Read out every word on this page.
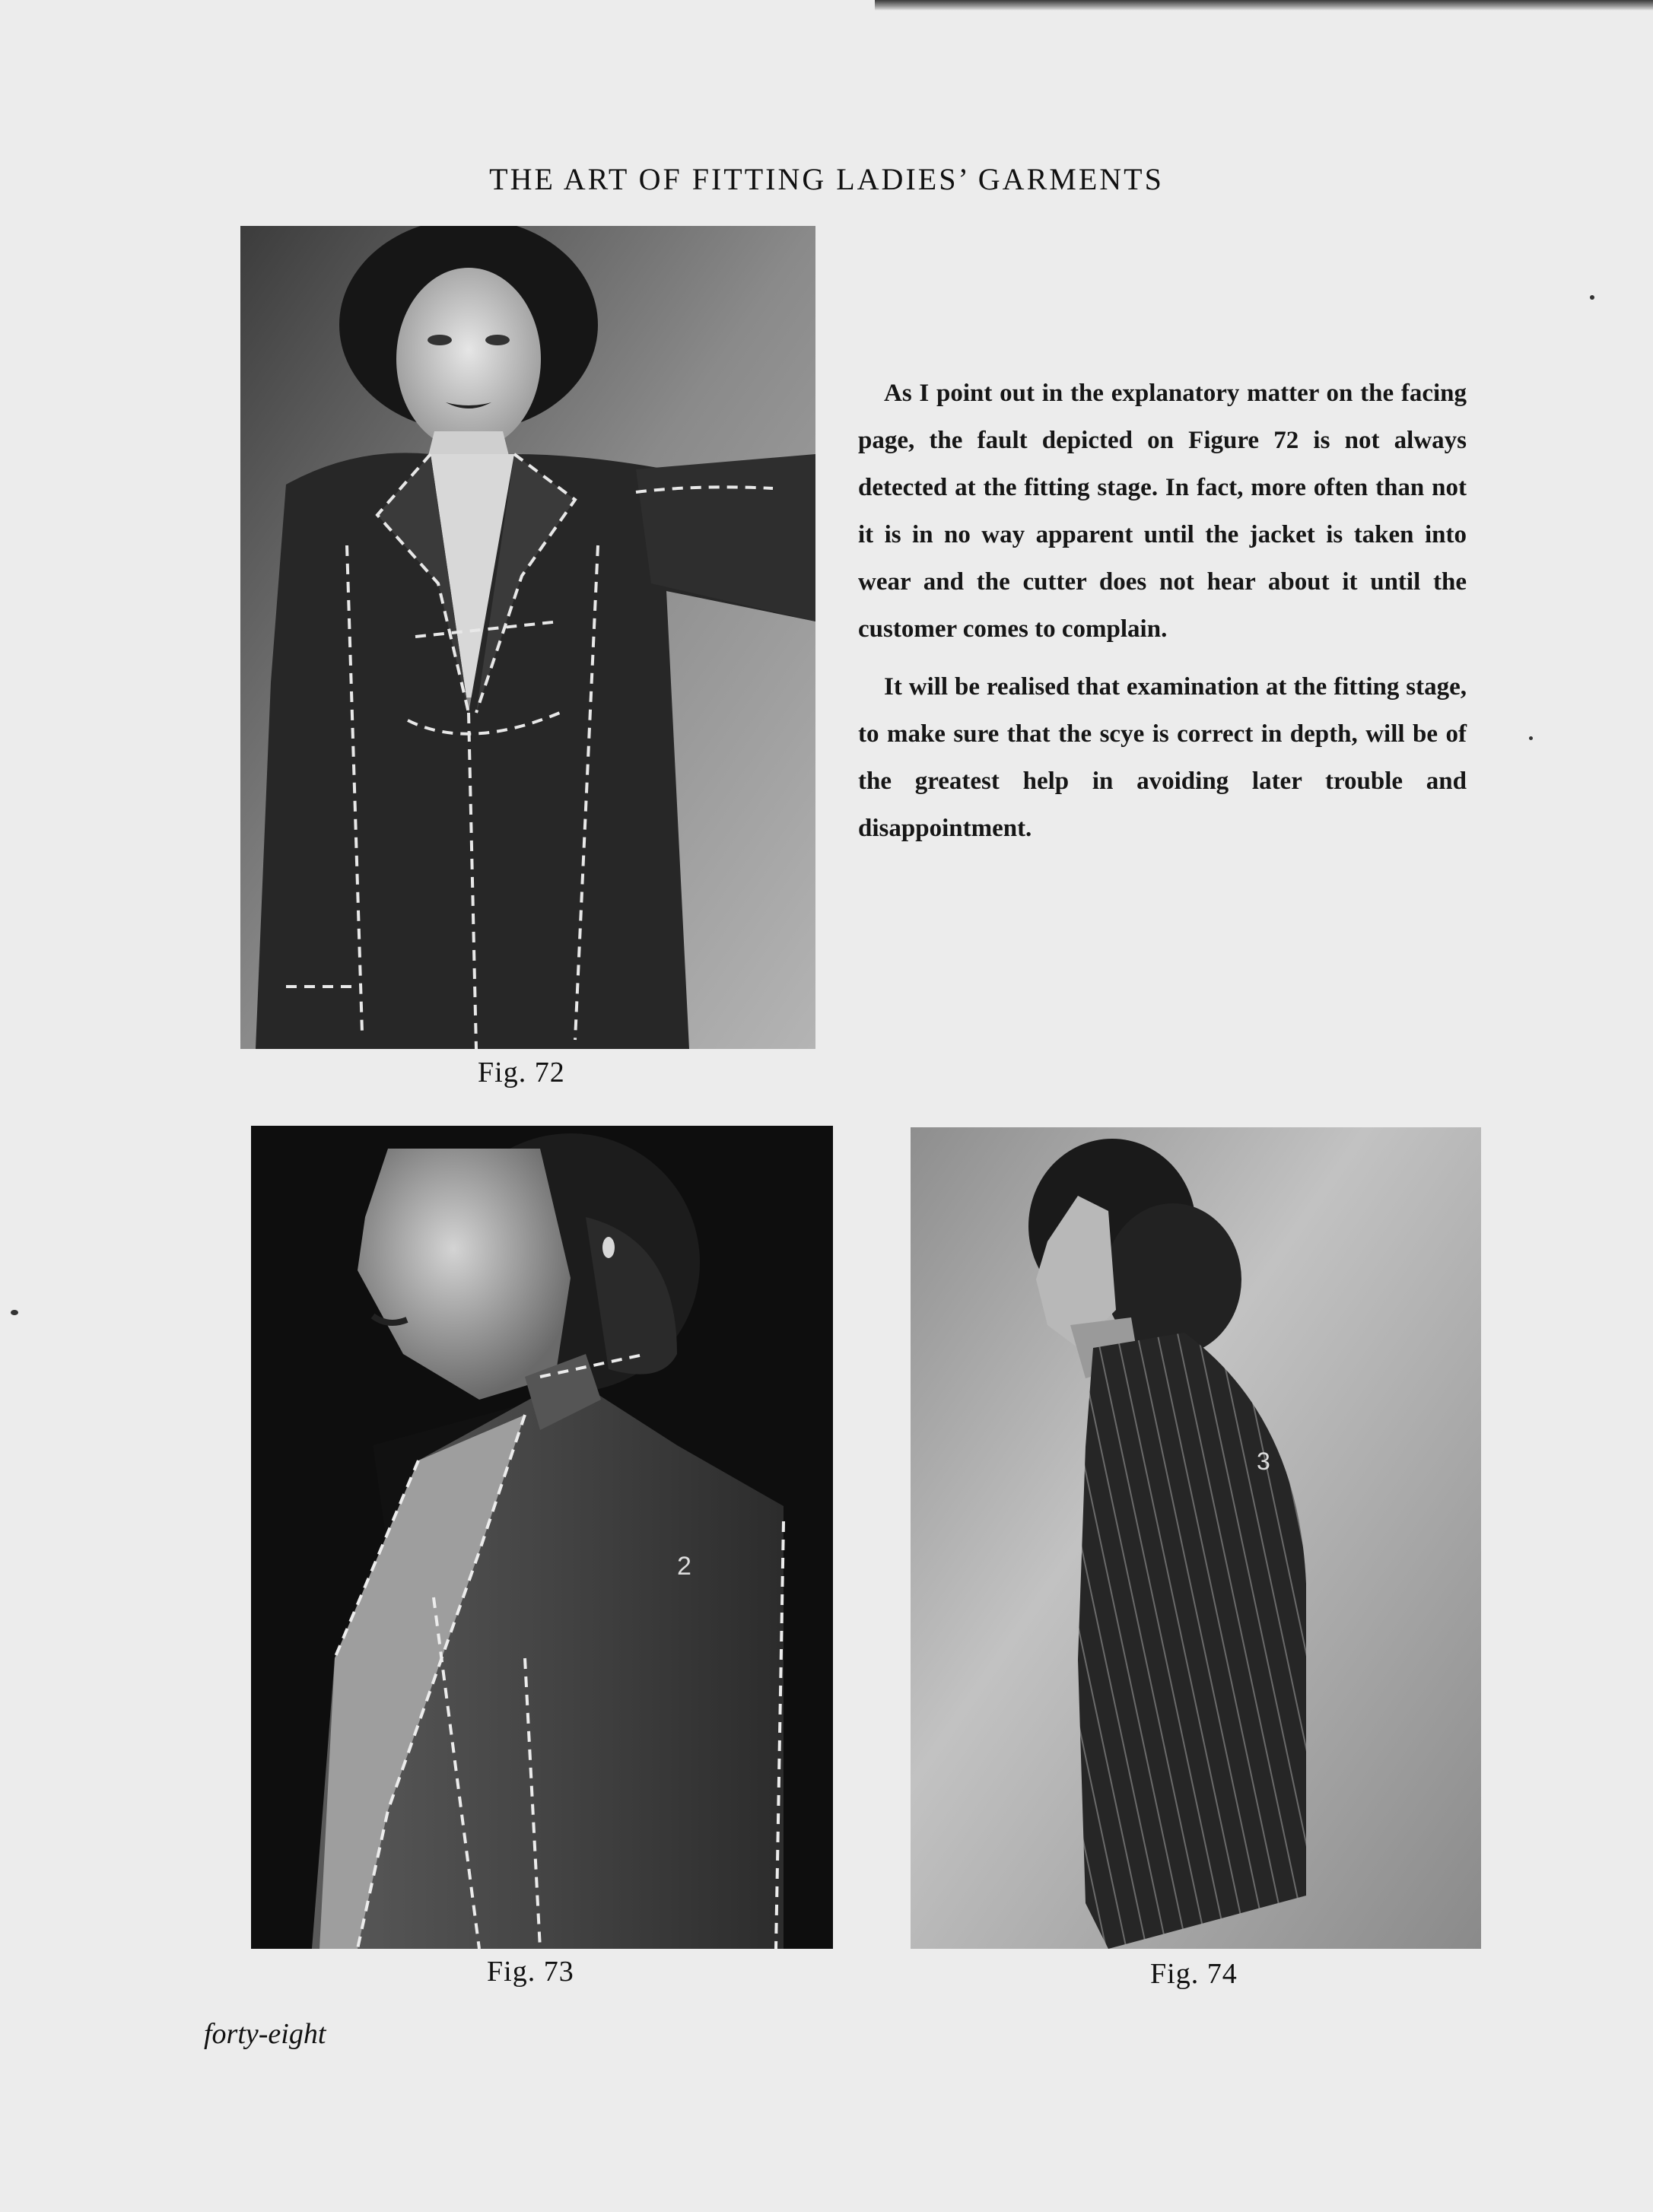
THE ART OF FITTING LADIES’ GARMENTS
Fig. 72

As I point out in the explanatory matter on the facing page, the fault depicted on Figure 72 is not always detected at the fitting stage. In fact, more often than not it is in no way apparent until the jacket is taken into wear and the cutter does not hear about it until the customer comes to complain.

It will be realised that examination at the fitting stage, to make sure that the scye is correct in depth, will be of the greatest help in avoiding later trouble and disappointment.

2
Fig. 73
3
Fig. 74
forty-eight
